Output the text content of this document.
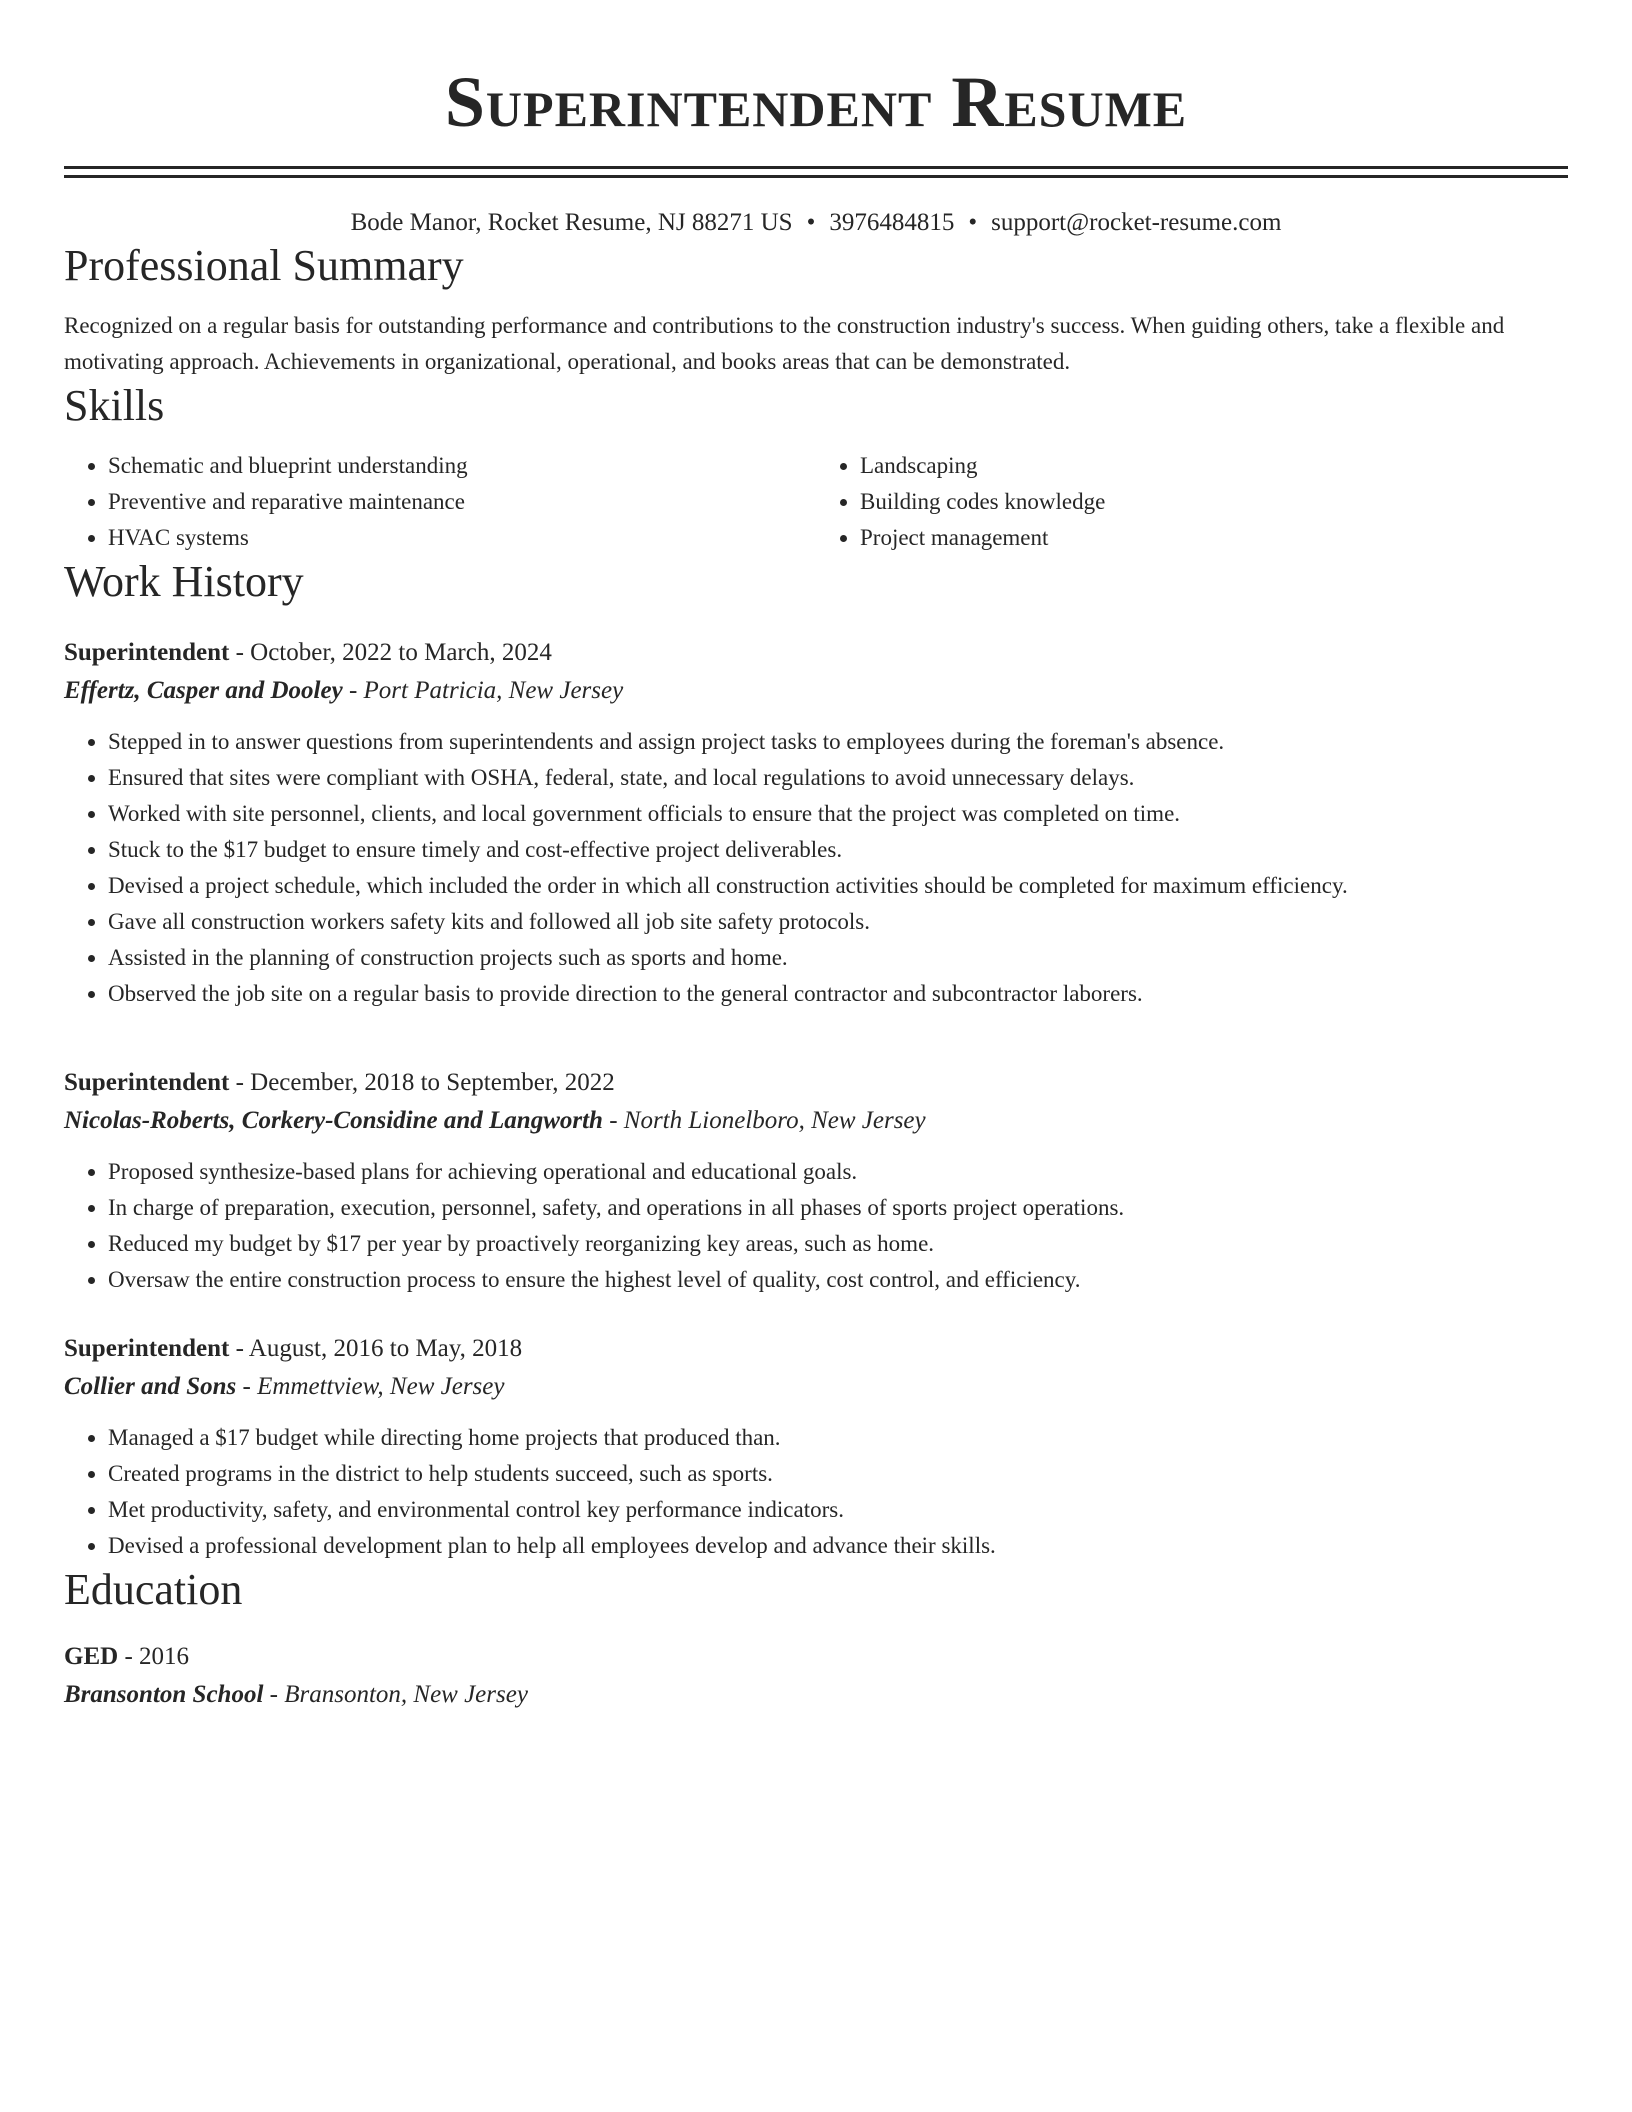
Superintendent Resume
Bode Manor, Rocket Resume, NJ 88271 US • 3976484815 • support@rocket-resume.com
Professional Summary
Recognized on a regular basis for outstanding performance and contributions to the construction industry's success. When guiding others, take a flexible and motivating approach. Achievements in organizational, operational, and books areas that can be demonstrated.
Skills
• Schematic and blueprint understanding
• Preventive and reparative maintenance
• HVAC systems
• Landscaping
• Building codes knowledge
• Project management
Work History
Superintendent - October, 2022 to March, 2024
Effertz, Casper and Dooley - Port Patricia, New Jersey
• Stepped in to answer questions from superintendents and assign project tasks to employees during the foreman's absence.
• Ensured that sites were compliant with OSHA, federal, state, and local regulations to avoid unnecessary delays.
• Worked with site personnel, clients, and local government officials to ensure that the project was completed on time.
• Stuck to the $17 budget to ensure timely and cost-effective project deliverables.
• Devised a project schedule, which included the order in which all construction activities should be completed for maximum efficiency.
• Gave all construction workers safety kits and followed all job site safety protocols.
• Assisted in the planning of construction projects such as sports and home.
• Observed the job site on a regular basis to provide direction to the general contractor and subcontractor laborers.
Superintendent - December, 2018 to September, 2022
Nicolas-Roberts, Corkery-Considine and Langworth - North Lionelboro, New Jersey
• Proposed synthesize-based plans for achieving operational and educational goals.
• In charge of preparation, execution, personnel, safety, and operations in all phases of sports project operations.
• Reduced my budget by $17 per year by proactively reorganizing key areas, such as home.
• Oversaw the entire construction process to ensure the highest level of quality, cost control, and efficiency.
Superintendent - August, 2016 to May, 2018
Collier and Sons - Emmettview, New Jersey
• Managed a $17 budget while directing home projects that produced than.
• Created programs in the district to help students succeed, such as sports.
• Met productivity, safety, and environmental control key performance indicators.
• Devised a professional development plan to help all employees develop and advance their skills.
Education
GED - 2016
Bransonton School - Bransonton, New Jersey
